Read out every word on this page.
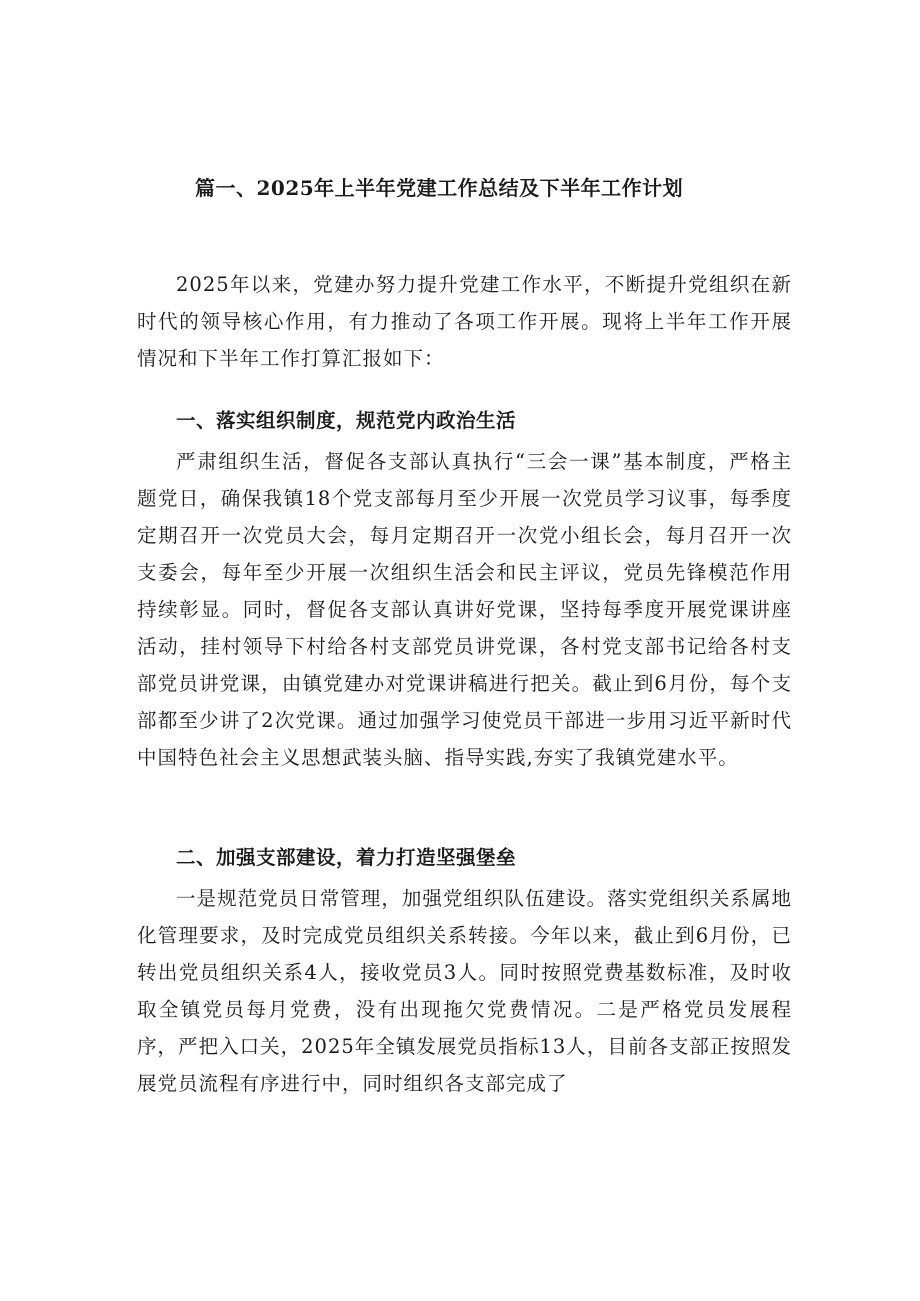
篇一、2025年上半年党建工作总结及下半年工作计划

2025年以来，党建办努力提升党建工作水平，不断提升党组织在新时代的领导核心作用，有力推动了各项工作开展。现将上半年工作开展情况和下半年工作打算汇报如下：

一、落实组织制度，规范党内政治生活

严肃组织生活，督促各支部认真执行“三会一课”基本制度，严格主题党日，确保我镇18个党支部每月至少开展一次党员学习议事，每季度定期召开一次党员大会，每月定期召开一次党小组长会，每月召开一次支委会，每年至少开展一次组织生活会和民主评议，党员先锋模范作用持续彰显。同时，督促各支部认真讲好党课，坚持每季度开展党课讲座活动，挂村领导下村给各村支部党员讲党课，各村党支部书记给各村支部党员讲党课，由镇党建办对党课讲稿进行把关。截止到6月份，每个支部都至少讲了2次党课。通过加强学习使党员干部进一步用习近平新时代中国特色社会主义思想武装头脑、指导实践,夯实了我镇党建水平。

二、加强支部建设，着力打造坚强堡垒

一是规范党员日常管理，加强党组织队伍建设。落实党组织关系属地化管理要求，及时完成党员组织关系转接。今年以来，截止到6月份，已转出党员组织关系4人，接收党员3人。同时按照党费基数标准，及时收取全镇党员每月党费，没有出现拖欠党费情况。二是严格党员发展程序，严把入口关，2025年全镇发展党员指标13人，目前各支部正按照发展党员流程有序进行中，同时组织各支部完成了
